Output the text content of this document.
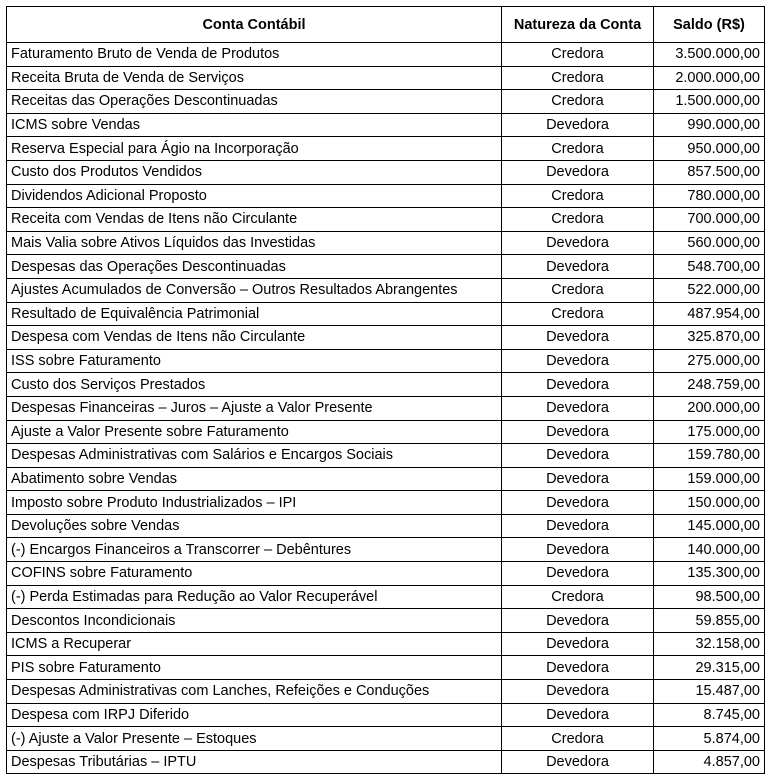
Conta Contábil	Natureza da Conta	Saldo (R$)
Faturamento Bruto de Venda de Produtos	Credora	3.500.000,00
Receita Bruta de Venda de Serviços	Credora	2.000.000,00
Receitas das Operações Descontinuadas	Credora	1.500.000,00
ICMS sobre Vendas	Devedora	990.000,00
Reserva Especial para Ágio na Incorporação	Credora	950.000,00
Custo dos Produtos Vendidos	Devedora	857.500,00
Dividendos Adicional Proposto	Credora	780.000,00
Receita com Vendas de Itens não Circulante	Credora	700.000,00
Mais Valia sobre Ativos Líquidos das Investidas	Devedora	560.000,00
Despesas das Operações Descontinuadas	Devedora	548.700,00
Ajustes Acumulados de Conversão – Outros Resultados Abrangentes	Credora	522.000,00
Resultado de Equivalência Patrimonial	Credora	487.954,00
Despesa com Vendas de Itens não Circulante	Devedora	325.870,00
ISS sobre Faturamento	Devedora	275.000,00
Custo dos Serviços Prestados	Devedora	248.759,00
Despesas Financeiras – Juros – Ajuste a Valor Presente	Devedora	200.000,00
Ajuste a Valor Presente sobre Faturamento	Devedora	175.000,00
Despesas Administrativas com Salários e Encargos Sociais	Devedora	159.780,00
Abatimento sobre Vendas	Devedora	159.000,00
Imposto sobre Produto Industrializados – IPI	Devedora	150.000,00
Devoluções sobre Vendas	Devedora	145.000,00
(-) Encargos Financeiros a Transcorrer – Debêntures	Devedora	140.000,00
COFINS sobre Faturamento	Devedora	135.300,00
(-) Perda Estimadas para Redução ao Valor Recuperável	Credora	98.500,00
Descontos Incondicionais	Devedora	59.855,00
ICMS a Recuperar	Devedora	32.158,00
PIS sobre Faturamento	Devedora	29.315,00
Despesas Administrativas com Lanches, Refeições e Conduções	Devedora	15.487,00
Despesa com IRPJ Diferido	Devedora	8.745,00
(-) Ajuste a Valor Presente – Estoques	Credora	5.874,00
Despesas Tributárias – IPTU	Devedora	4.857,00
